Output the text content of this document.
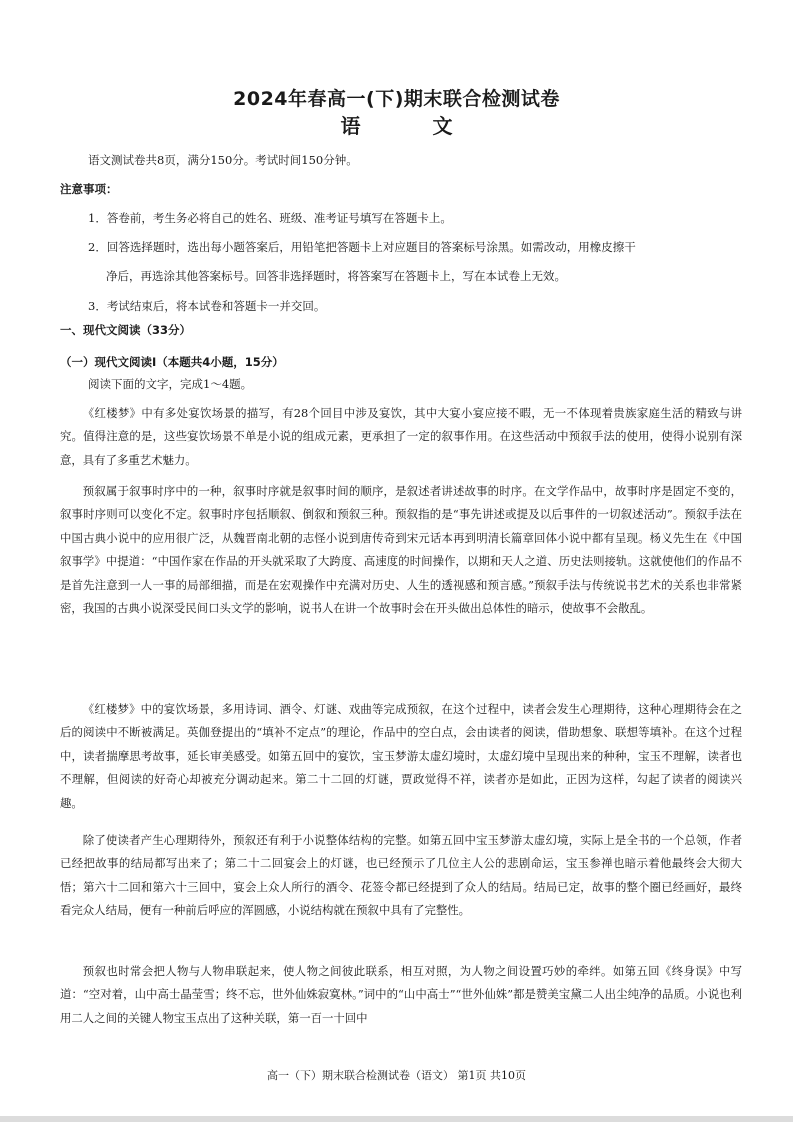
2024年春高一(下)期末联合检测试卷
语　文
语文测试卷共8页，满分150分。考试时间150分钟。
注意事项：
1．答卷前，考生务必将自己的姓名、班级、准考证号填写在答题卡上。
2．回答选择题时，选出每小题答案后，用铅笔把答题卡上对应题目的答案标号涂黑。如需改动，用橡皮擦干
净后，再选涂其他答案标号。回答非选择题时，将答案写在答题卡上，写在本试卷上无效。
3．考试结束后，将本试卷和答题卡一并交回。
一、现代文阅读（33分）
（一）现代文阅读Ⅰ（本题共4小题，15分）
阅读下面的文字，完成1～4题。
《红楼梦》中有多处宴饮场景的描写，有28个回目中涉及宴饮，其中大宴小宴应接不暇，无一不体现着贵族家庭生活的精致与讲究。值得注意的是，这些宴饮场景不单是小说的组成元素，更承担了一定的叙事作用。在这些活动中预叙手法的使用，使得小说别有深意，具有了多重艺术魅力。
预叙属于叙事时序中的一种，叙事时序就是叙事时间的顺序，是叙述者讲述故事的时序。在文学作品中，故事时序是固定不变的，叙事时序则可以变化不定。叙事时序包括顺叙、倒叙和预叙三种。预叙指的是“事先讲述或提及以后事件的一切叙述活动”。预叙手法在中国古典小说中的应用很广泛，从魏晋南北朝的志怪小说到唐传奇到宋元话本再到明清长篇章回体小说中都有呈现。杨义先生在《中国叙事学》中提道：“中国作家在作品的开头就采取了大跨度、高速度的时间操作，以期和天人之道、历史法则接轨。这就使他们的作品不是首先注意到一人一事的局部细描，而是在宏观操作中充满对历史、人生的透视感和预言感。”预叙手法与传统说书艺术的关系也非常紧密，我国的古典小说深受民间口头文学的影响，说书人在讲一个故事时会在开头做出总体性的暗示，使故事不会散乱。
《红楼梦》中的宴饮场景，多用诗词、酒令、灯谜、戏曲等完成预叙，在这个过程中，读者会发生心理期待，这种心理期待会在之后的阅读中不断被满足。英伽登提出的“填补不定点”的理论，作品中的空白点，会由读者的阅读，借助想象、联想等填补。在这个过程中，读者揣摩思考故事，延长审美感受。如第五回中的宴饮，宝玉梦游太虚幻境时，太虚幻境中呈现出来的种种，宝玉不理解，读者也不理解，但阅读的好奇心却被充分调动起来。第二十二回的灯谜，贾政觉得不祥，读者亦是如此，正因为这样，勾起了读者的阅读兴趣。
除了使读者产生心理期待外，预叙还有利于小说整体结构的完整。如第五回中宝玉梦游太虚幻境，实际上是全书的一个总领，作者已经把故事的结局都写出来了；第二十二回宴会上的灯谜，也已经预示了几位主人公的悲剧命运，宝玉参禅也暗示着他最终会大彻大悟；第六十二回和第六十三回中，宴会上众人所行的酒令、花签令都已经提到了众人的结局。结局已定，故事的整个圈已经画好，最终看完众人结局，便有一种前后呼应的浑圆感，小说结构就在预叙中具有了完整性。
预叙也时常会把人物与人物串联起来，使人物之间彼此联系，相互对照，为人物之间设置巧妙的牵绊。如第五回《终身误》中写道：“空对着，山中高士晶莹雪；终不忘，世外仙姝寂寞林。”词中的“山中高士”“世外仙姝”都是赞美宝黛二人出尘纯净的品质。小说也利用二人之间的关键人物宝玉点出了这种关联，第一百一十回中
高一（下）期末联合检测试卷（语文） 第1页 共10页
